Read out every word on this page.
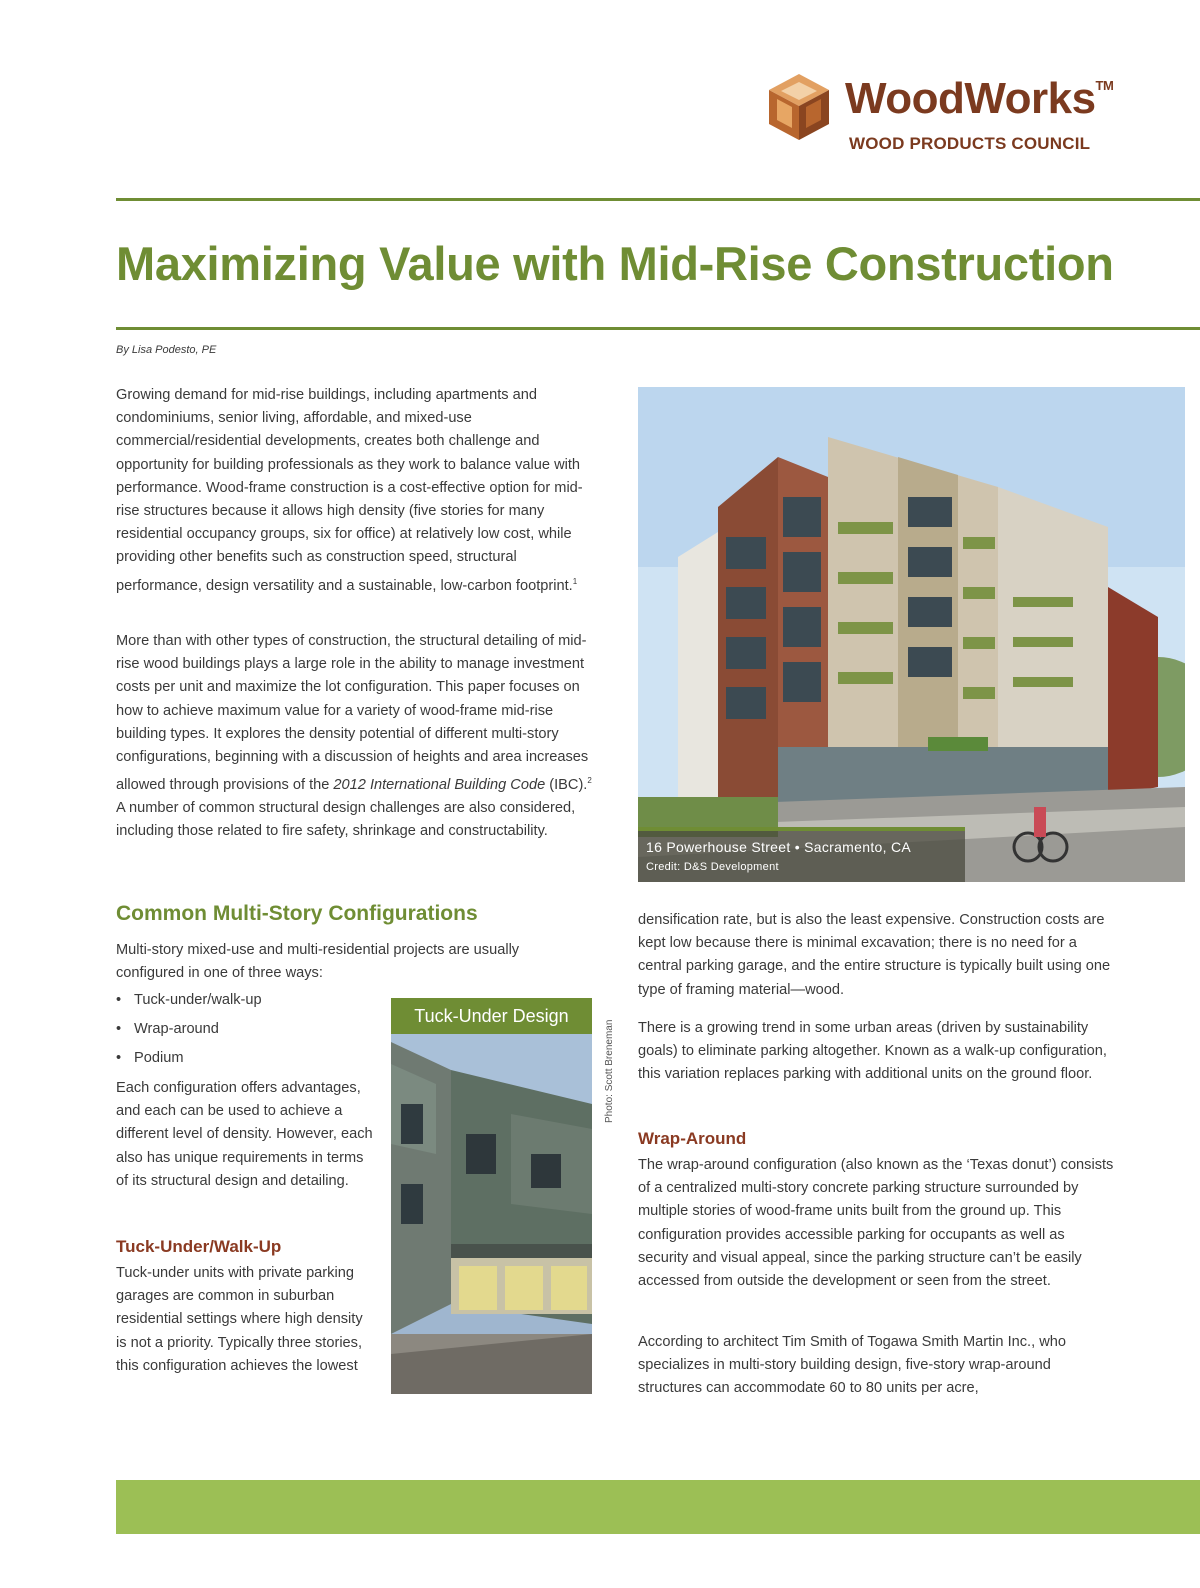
WoodWorks™
WOOD PRODUCTS COUNCIL
Maximizing Value with Mid-Rise Construction
By Lisa Podesto, PE

Growing demand for mid-rise buildings, including apartments and condominiums, senior living, affordable, and mixed-use commercial/residential developments, creates both challenge and opportunity for building professionals as they work to balance value with performance. Wood-frame construction is a cost-effective option for mid-rise structures because it allows high density (five stories for many residential occupancy groups, six for office) at relatively low cost, while providing other benefits such as construction speed, structural performance, design versatility and a sustainable, low-carbon footprint.$^1$

More than with other types of construction, the structural detailing of mid-rise wood buildings plays a large role in the ability to manage investment costs per unit and maximize the lot configuration. This paper focuses on how to achieve maximum value for a variety of wood-frame mid-rise building types. It explores the density potential of different multi-story configurations, beginning with a discussion of heights and area increases allowed through provisions of the 2012 International Building Code (IBC).$^2$ A number of common structural design challenges are also considered, including those related to fire safety, shrinkage and constructability.

Common Multi-Story Configurations

Multi-story mixed-use and multi-residential projects are usually configured in one of three ways:

• Tuck-under/walk-up
• Wrap-around
• Podium

Each configuration offers advantages, and each can be used to achieve a different level of density. However, each also has unique requirements in terms of its structural design and detailing.

Tuck-Under/Walk-Up

Tuck-under units with private parking garages are common in suburban residential settings where high density is not a priority. Typically three stories, this configuration achieves the lowest

Tuck-Under Design
Photo: Scott Breneman
16 Powerhouse Street • Sacramento, CA
Credit: D&S Development

densification rate, but is also the least expensive. Construction costs are kept low because there is minimal excavation; there is no need for a central parking garage, and the entire structure is typically built using one type of framing material—wood.

There is a growing trend in some urban areas (driven by sustainability goals) to eliminate parking altogether. Known as a walk-up configuration, this variation replaces parking with additional units on the ground floor.

Wrap-Around

The wrap-around configuration (also known as the ‘Texas donut’) consists of a centralized multi-story concrete parking structure surrounded by multiple stories of wood-frame units built from the ground up. This configuration provides accessible parking for occupants as well as security and visual appeal, since the parking structure can’t be easily accessed from outside the development or seen from the street.

According to architect Tim Smith of Togawa Smith Martin Inc., who specializes in multi-story building design, five-story wrap-around structures can accommodate 60 to 80 units per acre,
